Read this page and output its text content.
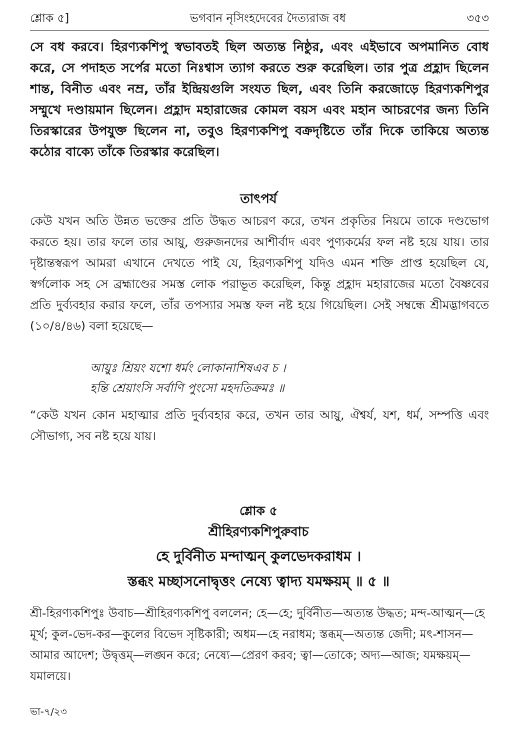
শ্লোক ৫]	ভগবান নৃসিংহদেবের দৈত্যরাজ বধ	৩৫৩

সে বধ করবে। হিরণ্যকশিপু স্বভাবতই ছিল অত্যন্ত নিষ্ঠুর, এবং এইভাবে অপমানিত বোধ করে, সে পদাহত সর্পের মতো নিঃশ্বাস ত্যাগ করতে শুরু করেছিল। তার পুত্র প্রহ্লাদ ছিলেন শান্ত, বিনীত এবং নম্র, তাঁর ইন্দ্রিয়গুলি সংযত ছিল, এবং তিনি করজোড়ে হিরণ্যকশিপুর সম্মুখে দণ্ডায়মান ছিলেন। প্রহ্লাদ মহারাজের কোমল বয়স এবং মহান আচরণের জন্য তিনি তিরস্কারের উপযুক্ত ছিলেন না, তবুও হিরণ্যকশিপু বক্রদৃষ্টিতে তাঁর দিকে তাকিয়ে অত্যন্ত কঠোর বাক্যে তাঁকে তিরস্কার করেছিল।

তাৎপর্য

কেউ যখন অতি উন্নত ভক্তের প্রতি উদ্ধত আচরণ করে, তখন প্রকৃতির নিয়মে তাকে দণ্ডভোগ করতে হয়। তার ফলে তার আয়ু, গুরুজনদের আশীর্বাদ এবং পুণ্যকর্মের ফল নষ্ট হয়ে যায়। তার দৃষ্টান্তস্বরূপ আমরা এখানে দেখতে পাই যে, হিরণ্যকশিপু যদিও এমন শক্তি প্রাপ্ত হয়েছিল যে, স্বর্গলোক সহ সে ব্রহ্মাণ্ডের সমস্ত লোক পরাভূত করেছিল, কিন্তু প্রহ্লাদ মহারাজের মতো বৈষ্ণবের প্রতি দুর্ব্যবহার করার ফলে, তাঁর তপস্যার সমস্ত ফল নষ্ট হয়ে গিয়েছিল। সেই সম্বন্ধে শ্রীমদ্ভাগবতে (১০/৪/৪৬) বলা হয়েছে—

আয়ুঃ শ্রিয়ং যশো ধর্মং লোকানাশিষএব চ ।
হন্তি শ্রেয়াংসি সর্বাণি পুংসো মহদতিক্রমঃ ॥

“কেউ যখন কোন মহাত্মার প্রতি দুর্ব্যবহার করে, তখন তার আয়ু, ঐশ্বর্য, যশ, ধর্ম, সম্পত্তি এবং সৌভাগ্য, সব নষ্ট হয়ে যায়।

শ্লোক ৫
শ্রীহিরণ্যকশিপুরুবাচ
হে দুর্বিনীত মন্দাত্মন্ কুলভেদকরাধম ।
স্তব্ধং মচ্ছাসনোদ্বৃত্তং নেষ্যে ত্বাদ্য যমক্ষয়ম্ ॥ ৫ ॥

শ্রী-হিরণ্যকশিপুঃ উবাচ—শ্রীহিরণ্যকশিপু বললেন; হে—হে; দুর্বিনীত—অত্যন্ত উদ্ধত; মন্দ-আত্মন্—হে মূর্খ; কুল-ভেদ-কর—কুলের বিভেদ সৃষ্টিকারী; অধম—হে নরাধম; স্তব্ধম্—অত্যন্ত জেদী; মৎ-শাসন—আমার আদেশ; উদ্বৃত্তম্—লঙ্ঘন করে; নেষ্যে—প্রেরণ করব; ত্বা—তোকে; অদ্য—আজ; যমক্ষয়ম্—যমালয়ে।

ভা-৭/২৩
